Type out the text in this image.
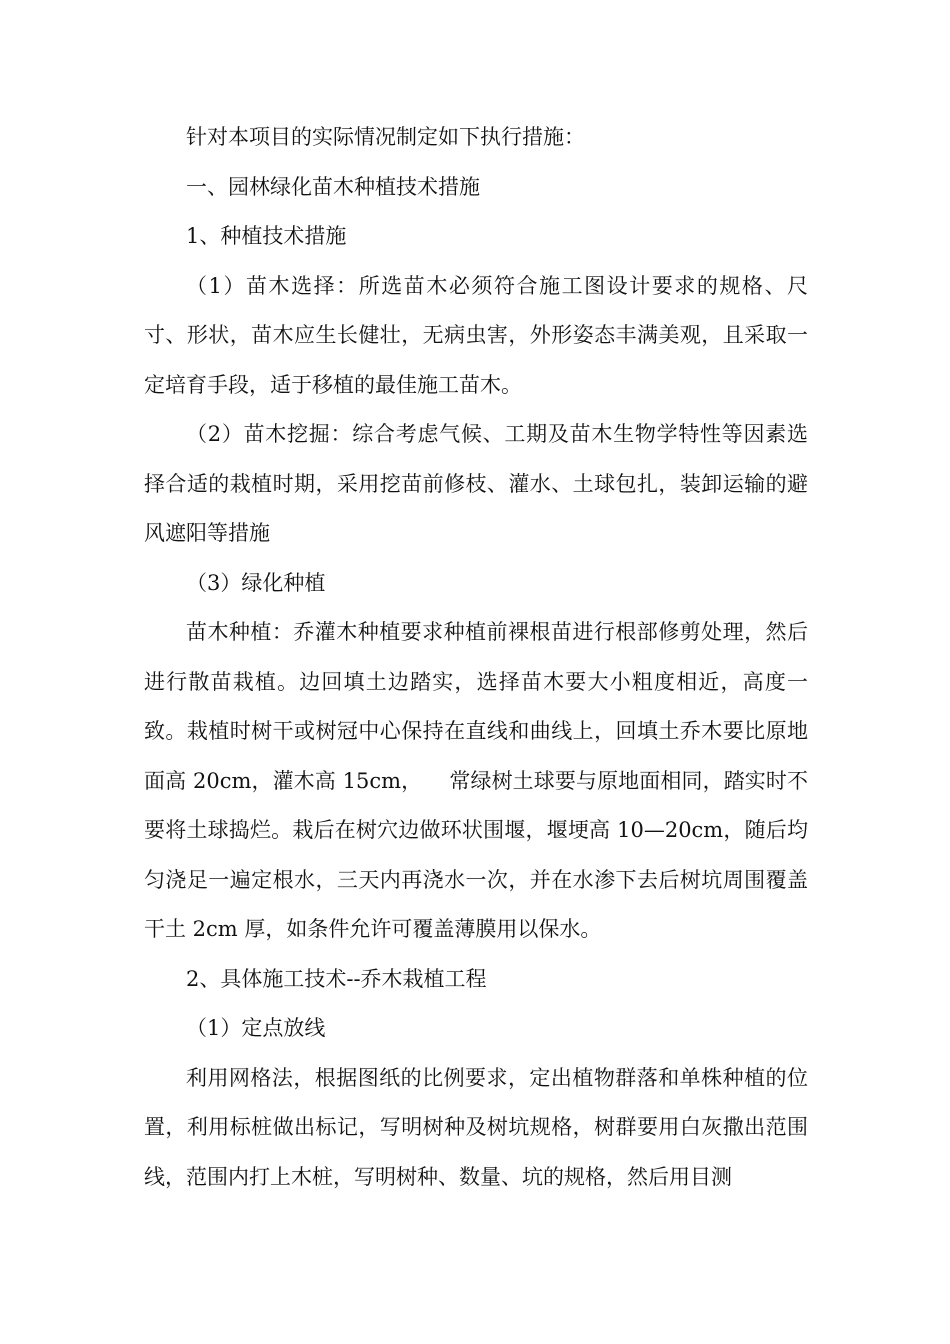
针对本项目的实际情况制定如下执行措施：

一、园林绿化苗木种植技术措施

1、种植技术措施

（1）苗木选择：所选苗木必须符合施工图设计要求的规格、尺寸、形状，苗木应生长健壮，无病虫害，外形姿态丰满美观，且采取一定培育手段，适于移植的最佳施工苗木。

（2）苗木挖掘：综合考虑气候、工期及苗木生物学特性等因素选择合适的栽植时期，采用挖苗前修枝、灌水、土球包扎，装卸运输的避风遮阳等措施

（3）绿化种植

苗木种植：乔灌木种植要求种植前裸根苗进行根部修剪处理，然后进行散苗栽植。边回填土边踏实，选择苗木要大小粗度相近，高度一致。栽植时树干或树冠中心保持在直线和曲线上，回填土乔木要比原地面高 20cm，灌木高 15cm，    常绿树土球要与原地面相同，踏实时不要将土球捣烂。栽后在树穴边做环状围堰，堰埂高 10—20cm，随后均匀浇足一遍定根水，三天内再浇水一次，并在水渗下去后树坑周围覆盖干土 2cm 厚，如条件允许可覆盖薄膜用以保水。

2、具体施工技术--乔木栽植工程

（1）定点放线

利用网格法，根据图纸的比例要求，定出植物群落和单株种植的位置，利用标桩做出标记，写明树种及树坑规格，树群要用白灰撒出范围线，范围内打上木桩，写明树种、数量、坑的规格，然后用目测
